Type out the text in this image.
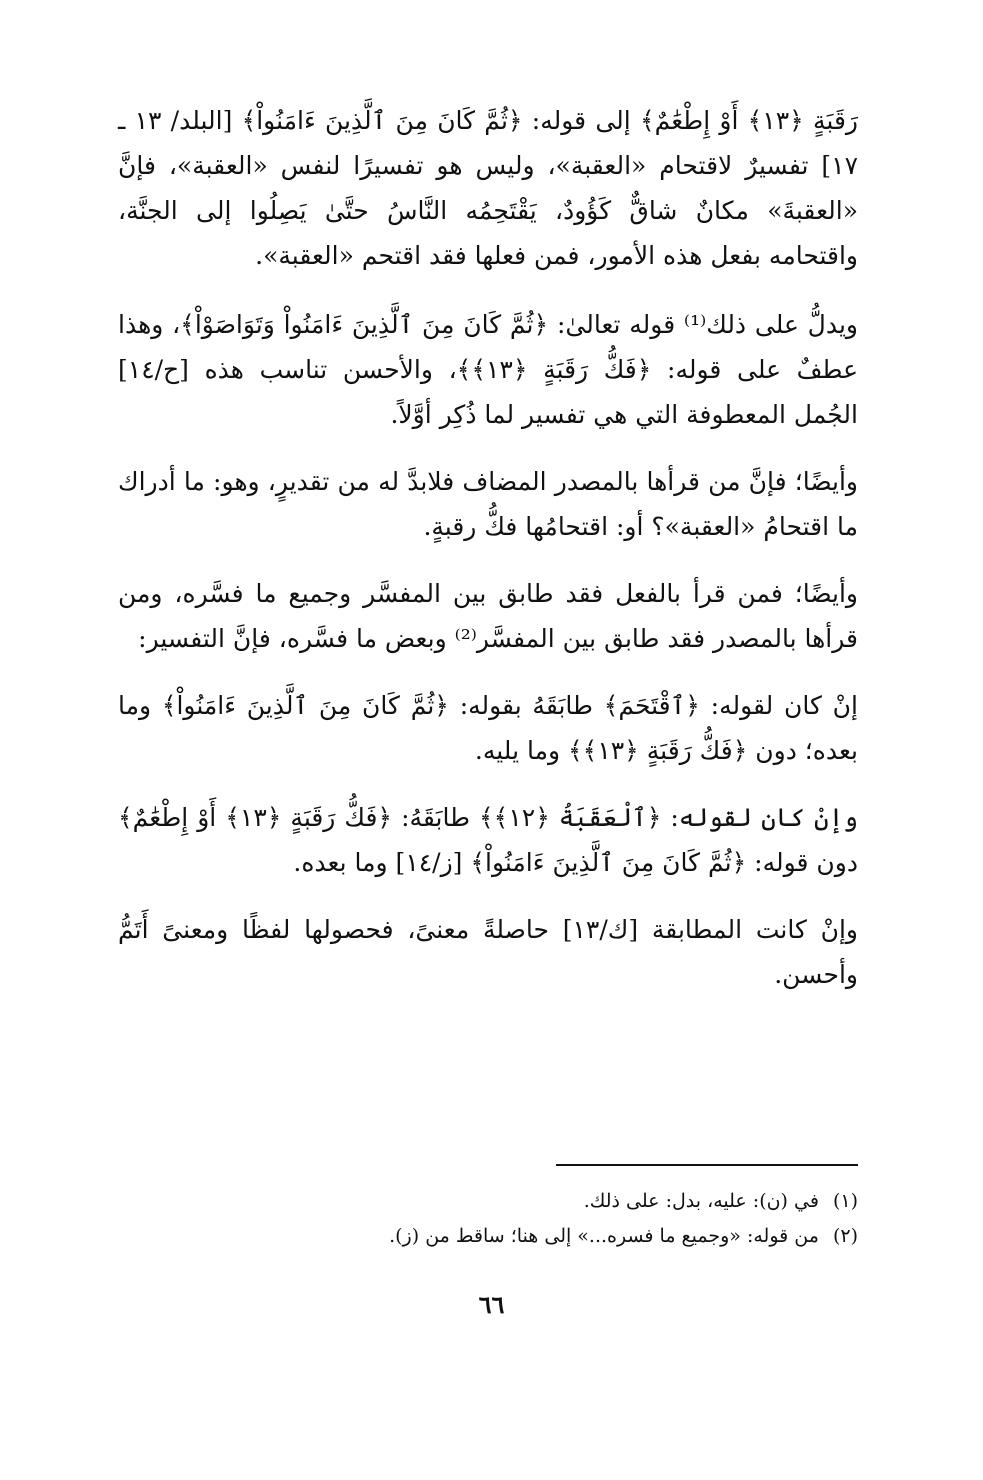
رَقَبَةٍ ﴿١٣﴾ أَوْ إِطْعَٰمٌ﴾ إلى قوله: ﴿ثُمَّ كَانَ مِنَ ٱلَّذِينَ ءَامَنُواْ﴾ [البلد/ ١٣ ـ ١٧] تفسيرٌ لاقتحام «العقبة»، وليس هو تفسيرًا لنفس «العقبة»، فإنَّ «العقبةَ» مكانٌ شاقٌّ كَؤُودٌ، يَقْتَحِمُه النَّاسُ حتَّىٰ يَصِلُوا إلى الجنَّة، واقتحامه بفعل هذه الأمور، فمن فعلها فقد اقتحم «العقبة».

ويدلُّ على ذلك⁽¹⁾ قوله تعالىٰ: ﴿ثُمَّ كَانَ مِنَ ٱلَّذِينَ ءَامَنُواْ وَتَوَاصَوْاْ﴾، وهذا عطفٌ على قوله: ﴿فَكُّ رَقَبَةٍ ﴿١٣﴾﴾، والأحسن تناسب هذه [ح/١٤] الجُمل المعطوفة التي هي تفسير لما ذُكِر أوَّلاً.

وأيضًا؛ فإنَّ من قرأها بالمصدر المضاف فلابدَّ له من تقديرٍ، وهو: ما أدراك ما اقتحامُ «العقبة»؟ أو: اقتحامُها فكُّ رقبةٍ.

وأيضًا؛ فمن قرأ بالفعل فقد طابق بين المفسَّر وجميع ما فسَّره، ومن قرأها بالمصدر فقد طابق بين المفسَّر⁽²⁾ وبعض ما فسَّره، فإنَّ التفسير:

إنْ كان لقوله: ﴿ٱقْتَحَمَ﴾ طابَقَهُ بقوله: ﴿ثُمَّ كَانَ مِنَ ٱلَّذِينَ ءَامَنُواْ﴾ وما بعده؛ دون ﴿فَكُّ رَقَبَةٍ ﴿١٣﴾﴾ وما يليه.

وإنْ كان لقوله: ﴿ٱلْعَقَبَةُ ﴿١٢﴾﴾ طابَقَهُ: ﴿فَكُّ رَقَبَةٍ ﴿١٣﴾ أَوْ إِطْعَٰمٌ﴾ دون قوله: ﴿ثُمَّ كَانَ مِنَ ٱلَّذِينَ ءَامَنُواْ﴾ [ز/١٤] وما بعده.

وإنْ كانت المطابقة [ك/١٣] حاصلةً معنىً، فحصولها لفظًا ومعنىً أَتَمُّ وأحسن.

(١)في (ن): عليه، بدل: على ذلك.
(٢)من قوله: «وجميع ما فسره...» إلى هنا؛ ساقط من (ز).
٦٦
